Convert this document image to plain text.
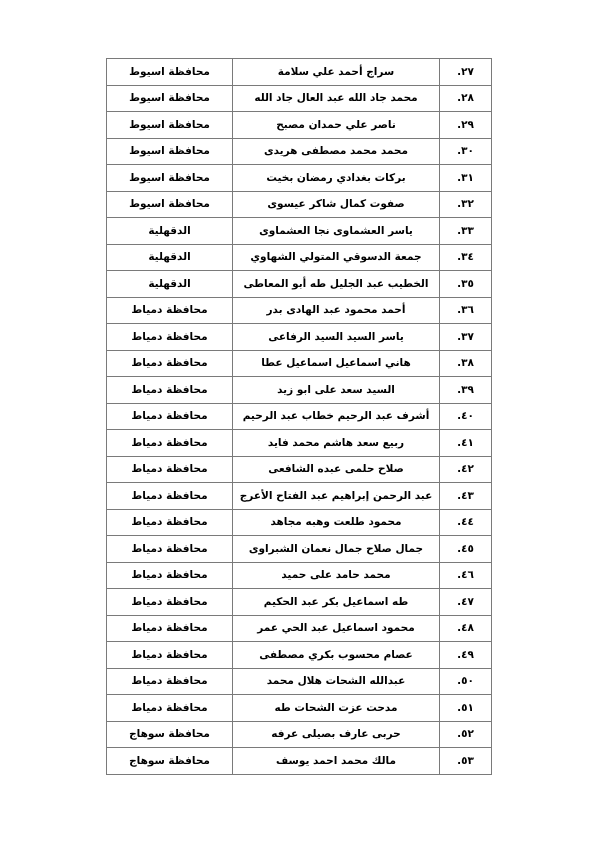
٢٧.	سراج أحمد علي سلامة	محافظة اسيوط
٢٨.	محمد جاد الله عبد العال جاد الله	محافظة اسيوط
٢٩.	ناصر علي حمدان مصبح	محافظة اسيوط
٣٠.	محمد محمد مصطفى هريدى	محافظة اسيوط
٣١.	بركات بغدادي رمضان بخيت	محافظة اسيوط
٣٢.	صفوت كمال شاكر عيسوى	محافظة اسيوط
٣٣.	ياسر العشماوى نجا العشماوى	الدقهلية
٣٤.	جمعة الدسوقي المتولي الشهاوي	الدقهلية
٣٥.	الخطيب عبد الجليل طه أبو المعاطى	الدقهلية
٣٦.	أحمد محمود عبد الهادى بدر	محافظة دمياط
٣٧.	ياسر السيد السيد الرفاعى	محافظة دمياط
٣٨.	هاني اسماعيل اسماعيل عطا	محافظة دمياط
٣٩.	السيد سعد على ابو زيد	محافظة دمياط
٤٠.	أشرف عبد الرحيم خطاب عبد الرحيم	محافظة دمياط
٤١.	ربيع سعد هاشم محمد فايد	محافظة دمياط
٤٢.	صلاح حلمى عبده الشافعى	محافظة دمياط
٤٣.	عبد الرحمن إبراهيم عبد الفتاح الأعرج	محافظة دمياط
٤٤.	محمود طلعت وهبه مجاهد	محافظة دمياط
٤٥.	جمال صلاح جمال نعمان الشبراوى	محافظة دمياط
٤٦.	محمد حامد على حميد	محافظة دمياط
٤٧.	طه اسماعيل بكر عبد الحكيم	محافظة دمياط
٤٨.	محمود اسماعيل عبد الحي عمر	محافظة دمياط
٤٩.	عصام محسوب بكري مصطفى	محافظة دمياط
٥٠.	عبدالله الشحات هلال محمد	محافظة دمياط
٥١.	مدحت عزت الشحات طه	محافظة دمياط
٥٢.	حربى عارف بصيلى عرفه	محافظة سوهاج
٥٣.	مالك محمد احمد يوسف	محافظة سوهاج
